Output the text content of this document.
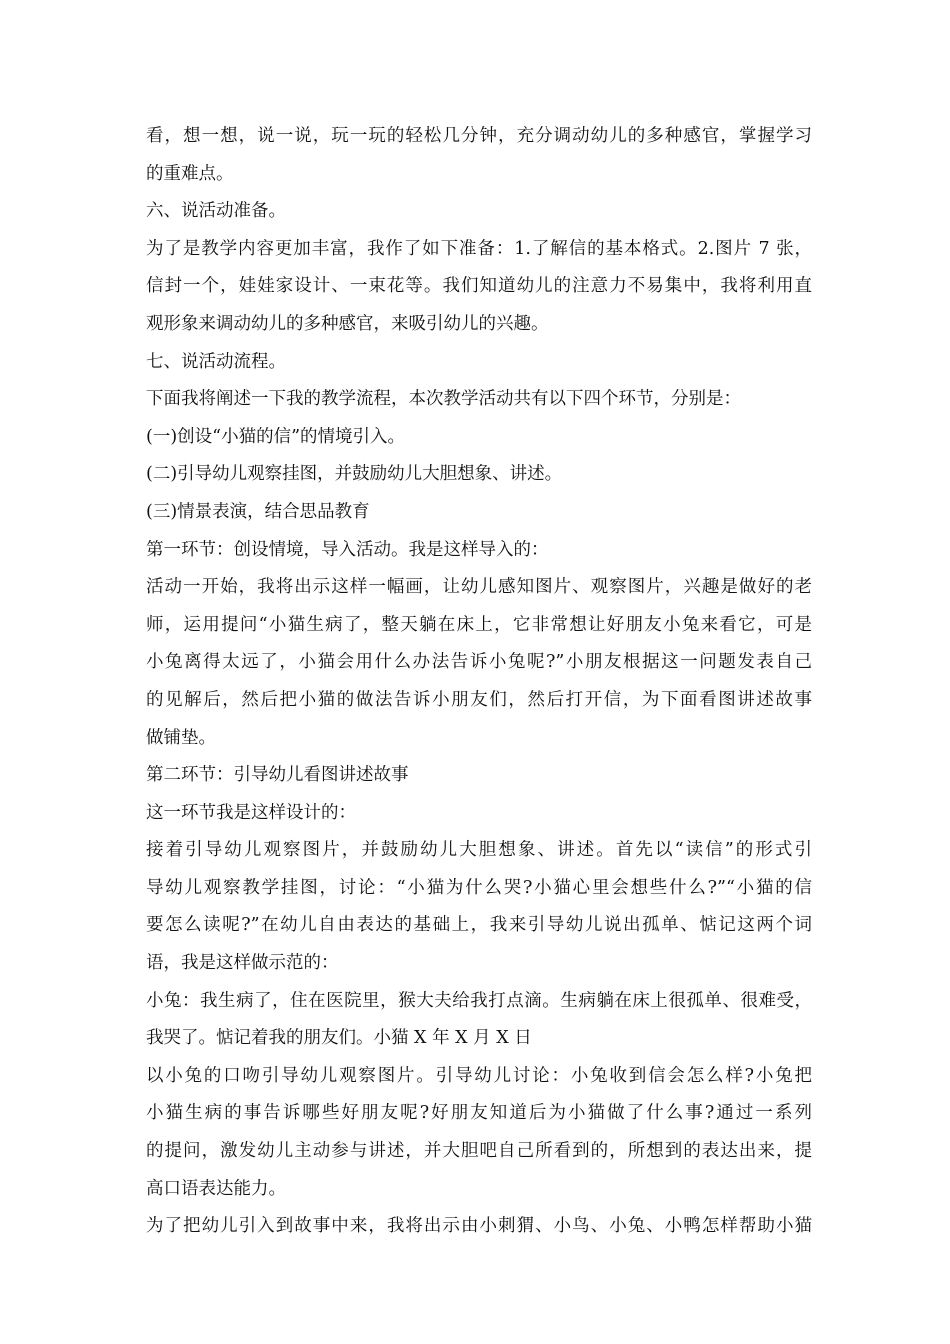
看，想一想，说一说，玩一玩的轻松几分钟，充分调动幼儿的多种感官，掌握学习
的重难点。
六、说活动准备。
为了是教学内容更加丰富，我作了如下准备：1.了解信的基本格式。2.图片 7 张，
信封一个，娃娃家设计、一束花等。我们知道幼儿的注意力不易集中，我将利用直
观形象来调动幼儿的多种感官，来吸引幼儿的兴趣。
七、说活动流程。
下面我将阐述一下我的教学流程，本次教学活动共有以下四个环节，分别是：
(一)创设“小猫的信”的情境引入。
(二)引导幼儿观察挂图，并鼓励幼儿大胆想象、讲述。
(三)情景表演，结合思品教育
第一环节：创设情境，导入活动。我是这样导入的：
活动一开始，我将出示这样一幅画，让幼儿感知图片、观察图片，兴趣是做好的老
师，运用提问“小猫生病了，整天躺在床上，它非常想让好朋友小兔来看它，可是
小兔离得太远了，小猫会用什么办法告诉小兔呢?”小朋友根据这一问题发表自己
的见解后，然后把小猫的做法告诉小朋友们，然后打开信，为下面看图讲述故事
做铺垫。
第二环节：引导幼儿看图讲述故事
这一环节我是这样设计的：
接着引导幼儿观察图片，并鼓励幼儿大胆想象、讲述。首先以“读信”的形式引
导幼儿观察教学挂图，讨论：“小猫为什么哭?小猫心里会想些什么?”“小猫的信
要怎么读呢?”在幼儿自由表达的基础上，我来引导幼儿说出孤单、惦记这两个词
语，我是这样做示范的：
小兔：我生病了，住在医院里，猴大夫给我打点滴。生病躺在床上很孤单、很难受，
我哭了。惦记着我的朋友们。小猫 X 年 X 月 X 日
以小兔的口吻引导幼儿观察图片。引导幼儿讨论：小兔收到信会怎么样?小兔把
小猫生病的事告诉哪些好朋友呢?好朋友知道后为小猫做了什么事?通过一系列
的提问，激发幼儿主动参与讲述，并大胆吧自己所看到的，所想到的表达出来，提
高口语表达能力。
为了把幼儿引入到故事中来，我将出示由小刺猬、小鸟、小兔、小鸭怎样帮助小猫
